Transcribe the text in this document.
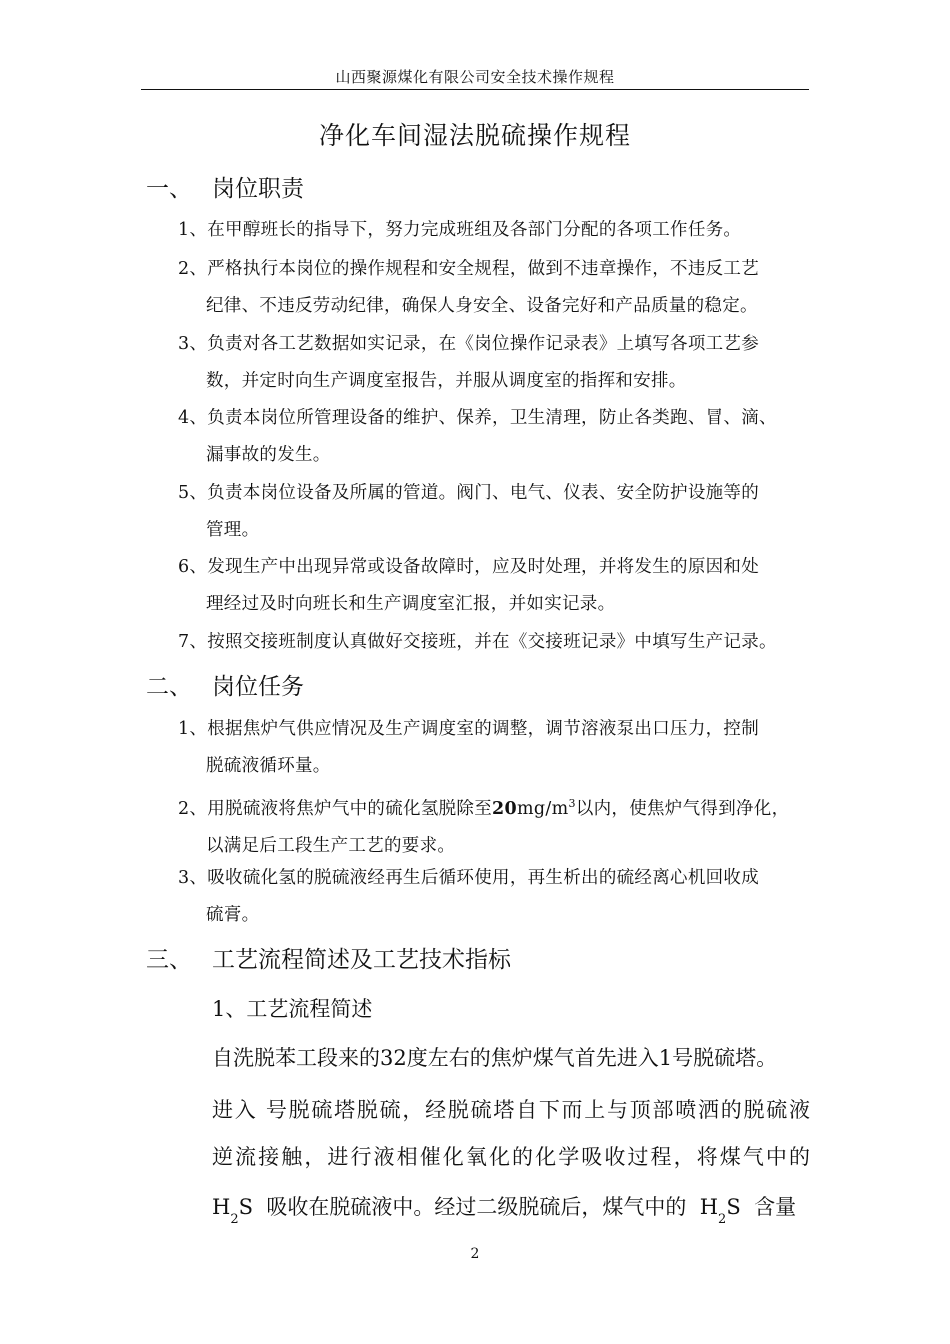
山西聚源煤化有限公司安全技术操作规程
净化车间湿法脱硫操作规程
一、 岗位职责
1、在甲醇班长的指导下，努力完成班组及各部门分配的各项工作任务。
2、严格执行本岗位的操作规程和安全规程，做到不违章操作，不违反工艺
纪律、不违反劳动纪律，确保人身安全、设备完好和产品质量的稳定。
3、负责对各工艺数据如实记录，在《岗位操作记录表》上填写各项工艺参
数，并定时向生产调度室报告，并服从调度室的指挥和安排。
4、负责本岗位所管理设备的维护、保养，卫生清理，防止各类跑、冒、滴、
漏事故的发生。
5、负责本岗位设备及所属的管道。阀门、电气、仪表、安全防护设施等的
管理。
6、发现生产中出现异常或设备故障时，应及时处理，并将发生的原因和处
理经过及时向班长和生产调度室汇报，并如实记录。
7、按照交接班制度认真做好交接班，并在《交接班记录》中填写生产记录。
二、 岗位任务
1、根据焦炉气供应情况及生产调度室的调整，调节溶液泵出口压力，控制
脱硫液循环量。
2、用脱硫液将焦炉气中的硫化氢脱除至$20mg/m^3$以内，使焦炉气得到净化，
以满足后工段生产工艺的要求。
3、吸收硫化氢的脱硫液经再生后循环使用，再生析出的硫经离心机回收成
硫膏。
三、 工艺流程简述及工艺技术指标
1、工艺流程简述
自洗脱苯工段来的32度左右的焦炉煤气首先进入1号脱硫塔。
进入 号脱硫塔脱硫，经脱硫塔自下而上与顶部喷洒的脱硫液
逆流接触，进行液相催化氧化的化学吸收过程，将煤气中的
$H_2S$ 吸收在脱硫液中。经过二级脱硫后，煤气中的 $H_2S$ 含量
2
